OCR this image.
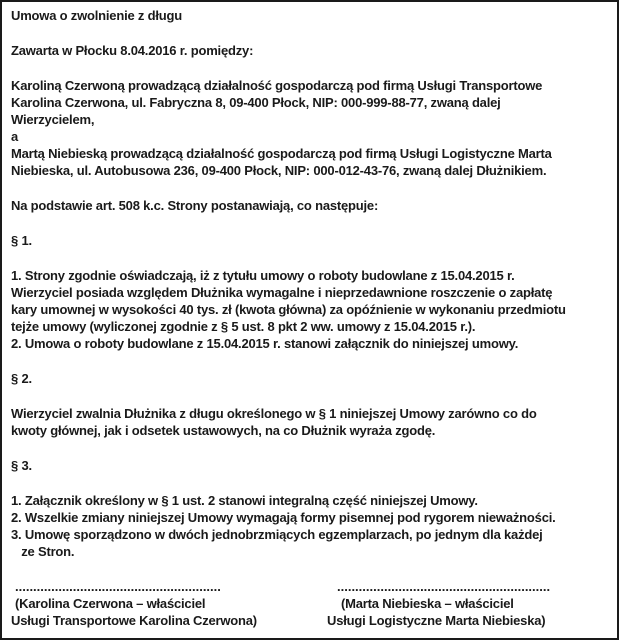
Umowa o zwolnienie z długu
Zawarta w Płocku 8.04.2016 r. pomiędzy:
Karoliną Czerwoną prowadzącą działalność gospodarczą pod firmą Usługi Transportowe
Karolina Czerwona, ul. Fabryczna 8, 09-400 Płock, NIP: 000-999-88-77, zwaną dalej
Wierzycielem,
a
Martą Niebieską prowadzącą działalność gospodarczą pod firmą Usługi Logistyczne Marta
Niebieska, ul. Autobusowa 236, 09-400 Płock, NIP: 000-012-43-76, zwaną dalej Dłużnikiem.
Na podstawie art. 508 k.c. Strony postanawiają, co następuje:
§ 1.
1. Strony zgodnie oświadczają, iż z tytułu umowy o roboty budowlane z 15.04.2015 r.
Wierzyciel posiada względem Dłużnika wymagalne i nieprzedawnione roszczenie o zapłatę
kary umownej w wysokości 40 tys. zł (kwota główna) za opóźnienie w wykonaniu przedmiotu
tejże umowy (wyliczonej zgodnie z § 5 ust. 8 pkt 2 ww. umowy z 15.04.2015 r.).
2. Umowa o roboty budowlane z 15.04.2015 r. stanowi załącznik do niniejszej umowy.
§ 2.
Wierzyciel zwalnia Dłużnika z długu określonego w § 1 niniejszej Umowy zarówno co do
kwoty głównej, jak i odsetek ustawowych, na co Dłużnik wyraża zgodę.
§ 3.
1. Załącznik określony w § 1 ust. 2 stanowi integralną część niniejszej Umowy.
2. Wszelkie zmiany niniejszej Umowy wymagają formy pisemnej pod rygorem nieważności.
3. Umowę sporządzono w dwóch jednobrzmiących egzemplarzach, po jednym dla każdej
ze Stron.
.........................................................
(Karolina Czerwona – właściciel
Usługi Transportowe Karolina Czerwona)
...........................................................
(Marta Niebieska – właściciel
Usługi Logistyczne Marta Niebieska)
